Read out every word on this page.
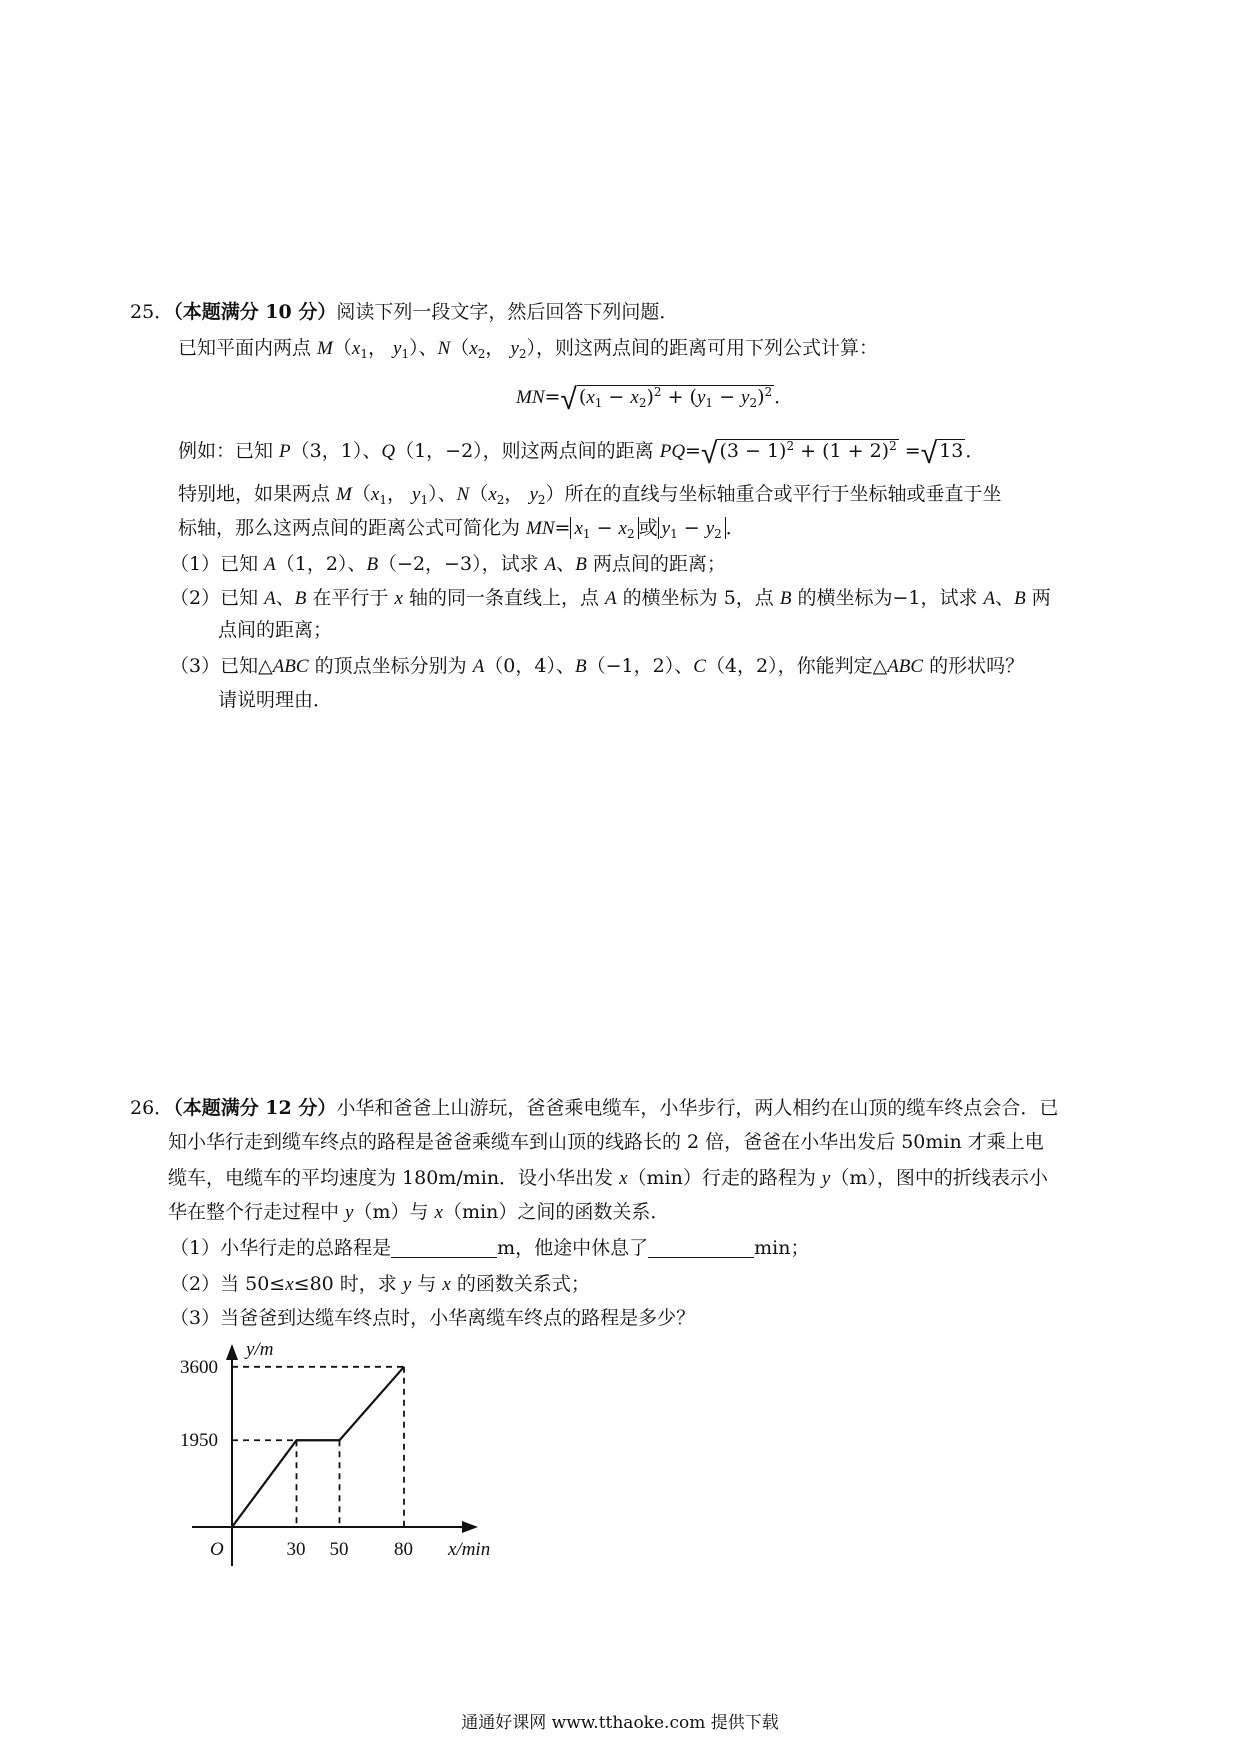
25．（本题满分 10 分）阅读下列一段文字，然后回答下列问题．
已知平面内两点 $M(x_1$， $y_1$）、$N(x_2$， $y_2$），则这两点间的距离可用下列公式计算：
MN=√ $(x_1 - x_2)^2 + (y_1 - y_2)^2$ ．
例如：已知 P（3，1）、Q（1，−2），则这两点间的距离 PQ=√ $(3 - 1)^2 + (1 + 2)^2$ =√ 13 ．
特别地，如果两点 $M(x_1$， $y_1$）、$N(x_2$， $y_2$）所在的直线与坐标轴重合或平行于坐标轴或垂直于坐
标轴，那么这两点间的距离公式可简化为 $MN= x_1 - x_2$ 或 $y_1 - y_2$ ．
（1）已知 A（1，2）、B（−2，−3），试求 A、B 两点间的距离；
（2）已知 A、B 在平行于 x 轴的同一条直线上，点 A 的横坐标为 5，点 B 的横坐标为−1，试求 A、B 两
点间的距离；
（3）已知△ABC 的顶点坐标分别为 A（0，4）、B（−1，2）、C（4，2），你能判定△ABC 的形状吗？
请说明理由．
26．（本题满分 12 分）小华和爸爸上山游玩，爸爸乘电缆车，小华步行，两人相约在山顶的缆车终点会合．已
知小华行走到缆车终点的路程是爸爸乘缆车到山顶的线路长的 2 倍，爸爸在小华出发后 50min 才乘上电
缆车，电缆车的平均速度为 180m/min．设小华出发 x（min）行走的路程为 y（m），图中的折线表示小
华在整个行走过程中 y（m）与 x（min）之间的函数关系．
（1）小华行走的总路程是	m，他途中休息了	min；
（2）当 50≤x≤80 时，求 y 与 x 的函数关系式；
（3）当爸爸到达缆车终点时，小华离缆车终点的路程是多少？
O	30 50 80
1950
3600
y/m
x/min
通通好课网 www.tthaoke.com 提供下载
